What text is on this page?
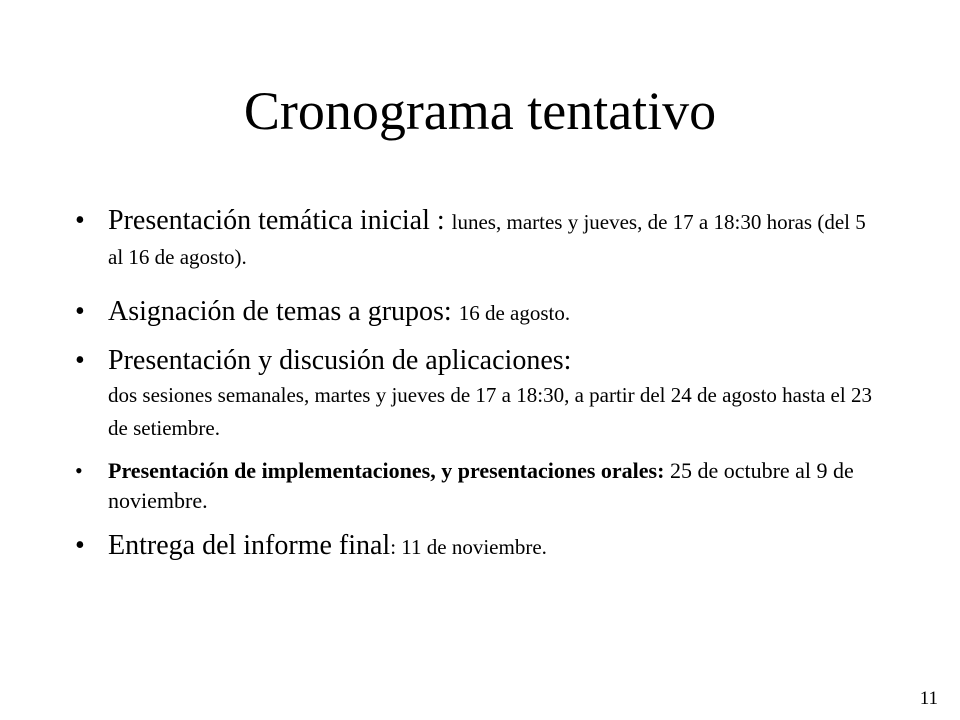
Cronograma tentativo
• Presentación temática inicial : lunes, martes y jueves, de 17 a 18:30 horas (del 5 al 16 de agosto).
• Asignación de temas a grupos: 16 de agosto.
• Presentación y discusión de aplicaciones:
dos sesiones semanales, martes y jueves de 17 a 18:30, a partir del 24 de agosto hasta el 23 de setiembre.
• Presentación de implementaciones, y presentaciones orales: 25 de octubre al 9 de noviembre.
• Entrega del informe final: 11 de noviembre.
11
